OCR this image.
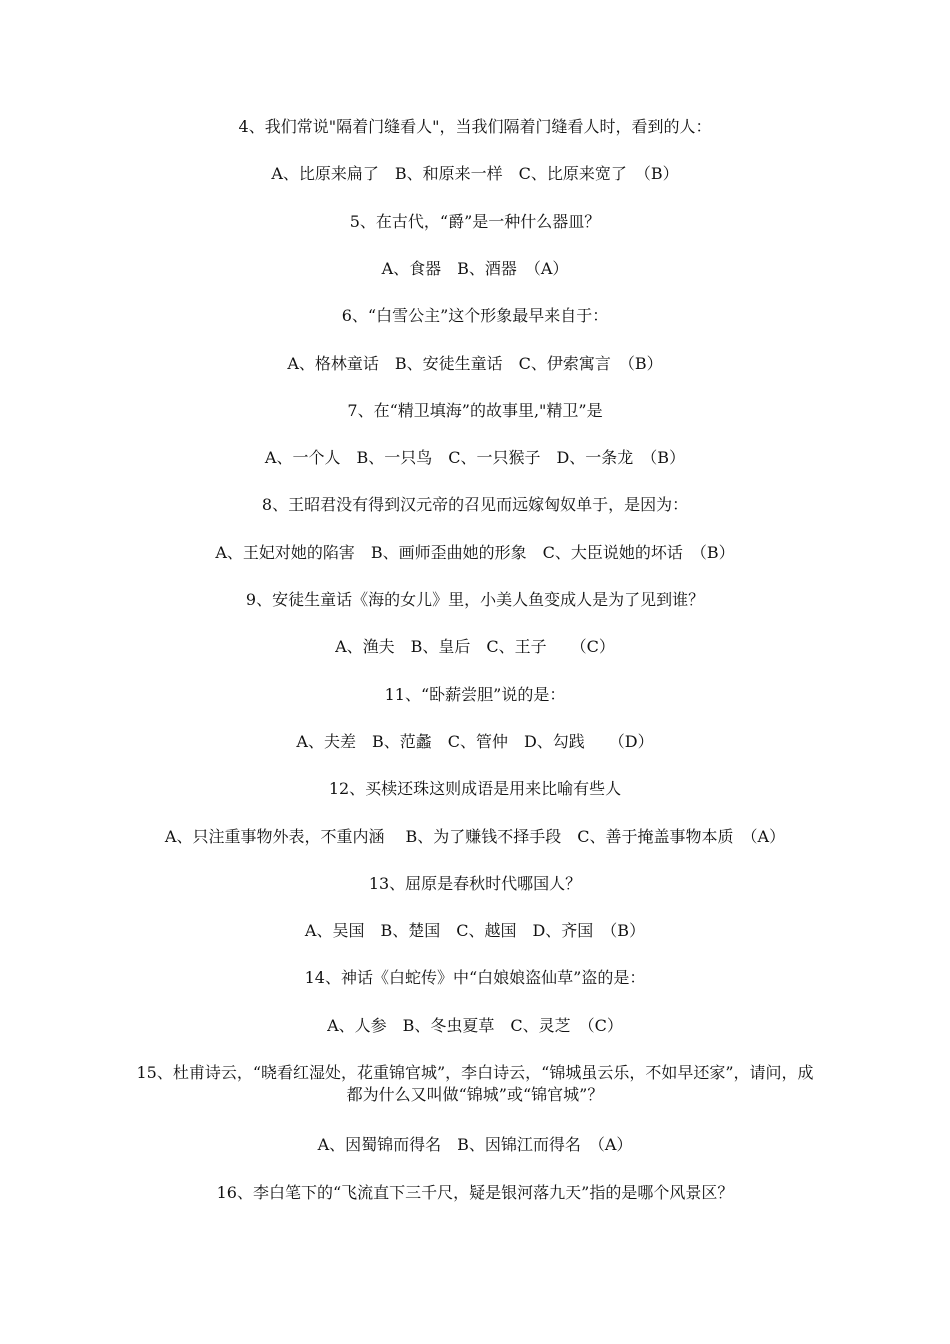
4、我们常说"隔着门缝看人"，当我们隔着门缝看人时，看到的人：
A、比原来扁了　B、和原来一样　C、比原来宽了　（B）
5、在古代，“爵”是一种什么器皿？
A、食器　B、酒器　（A）
6、“白雪公主”这个形象最早来自于：
A、格林童话　B、安徒生童话　C、伊索寓言　（B）
7、在“精卫填海”的故事里,"精卫”是
A、一个人　B、一只鸟　C、一只猴子　D、一条龙　（B）
8、王昭君没有得到汉元帝的召见而远嫁匈奴单于，是因为：
A、王妃对她的陷害　B、画师歪曲她的形象　C、大臣说她的坏话　（B）
9、安徒生童话《海的女儿》里，小美人鱼变成人是为了见到谁？
A、渔夫　B、皇后　C、王子　　（C）
11、“卧薪尝胆”说的是：
A、夫差　B、范蠡　C、管仲　D、勾践　　（D）
12、买椟还珠这则成语是用来比喻有些人
A、只注重事物外表，不重内涵　 B、为了赚钱不择手段　C、善于掩盖事物本质　（A）
13、屈原是春秋时代哪国人？
A、吴国　B、楚国　C、越国　D、齐国　（B）
14、神话《白蛇传》中“白娘娘盗仙草”盗的是：
A、人参　B、冬虫夏草　C、灵芝　（C）
15、杜甫诗云，“晓看红湿处，花重锦官城”，李白诗云，“锦城虽云乐，不如早还家”，请问，成都为什么又叫做“锦城”或“锦官城”？
A、因蜀锦而得名　B、因锦江而得名　（A）
16、李白笔下的“飞流直下三千尺，疑是银河落九天”指的是哪个风景区？
